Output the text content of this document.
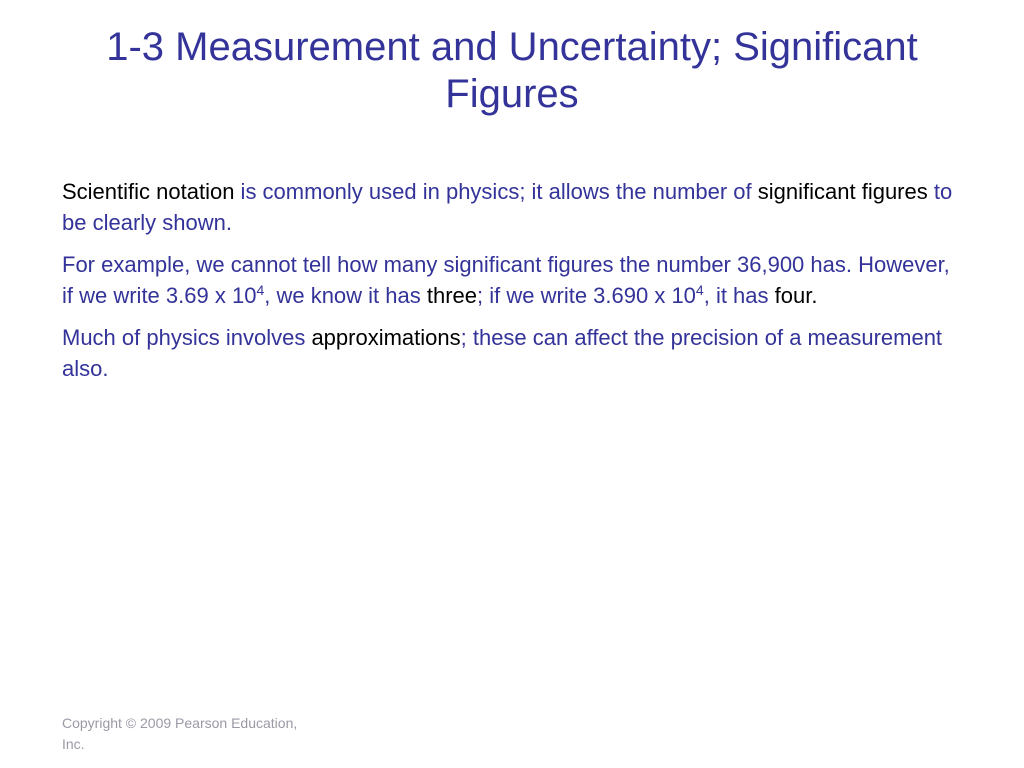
1-3 Measurement and Uncertainty; Significant Figures

Scientific notation is commonly used in physics; it allows the number of significant figures to be clearly shown.

For example, we cannot tell how many significant figures the number 36,900 has. However, if we write 3.69 x $10^4$, we know it has three; if we write 3.690 x $10^4$, it has four.

Much of physics involves approximations; these can affect the precision of a measurement also.

Copyright © 2009 Pearson Education, Inc.
